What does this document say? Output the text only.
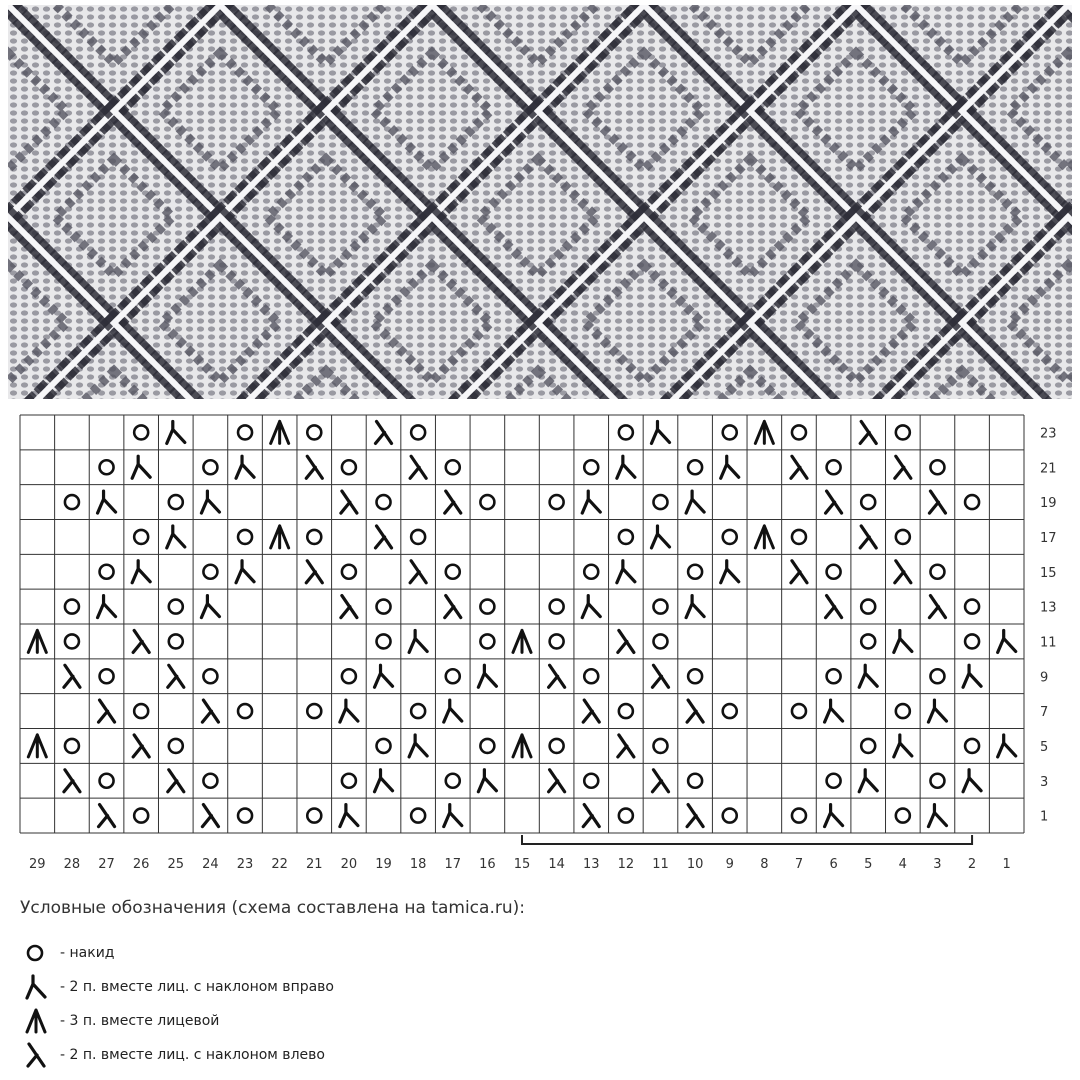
23
21
19
17
15
13
11
9
7
5
3
1
29 28 27 26 25 24 23 22 21 20 19 18 17 16 15 14 13 12 11 10 9 8 7 6 5 4 3 2 1
Условные обозначения (схема составлена на tamica.ru):
- накид
- 2 п. вместе лиц. с наклоном вправо
- 3 п. вместе лицевой
- 2 п. вместе лиц. с наклоном влево
